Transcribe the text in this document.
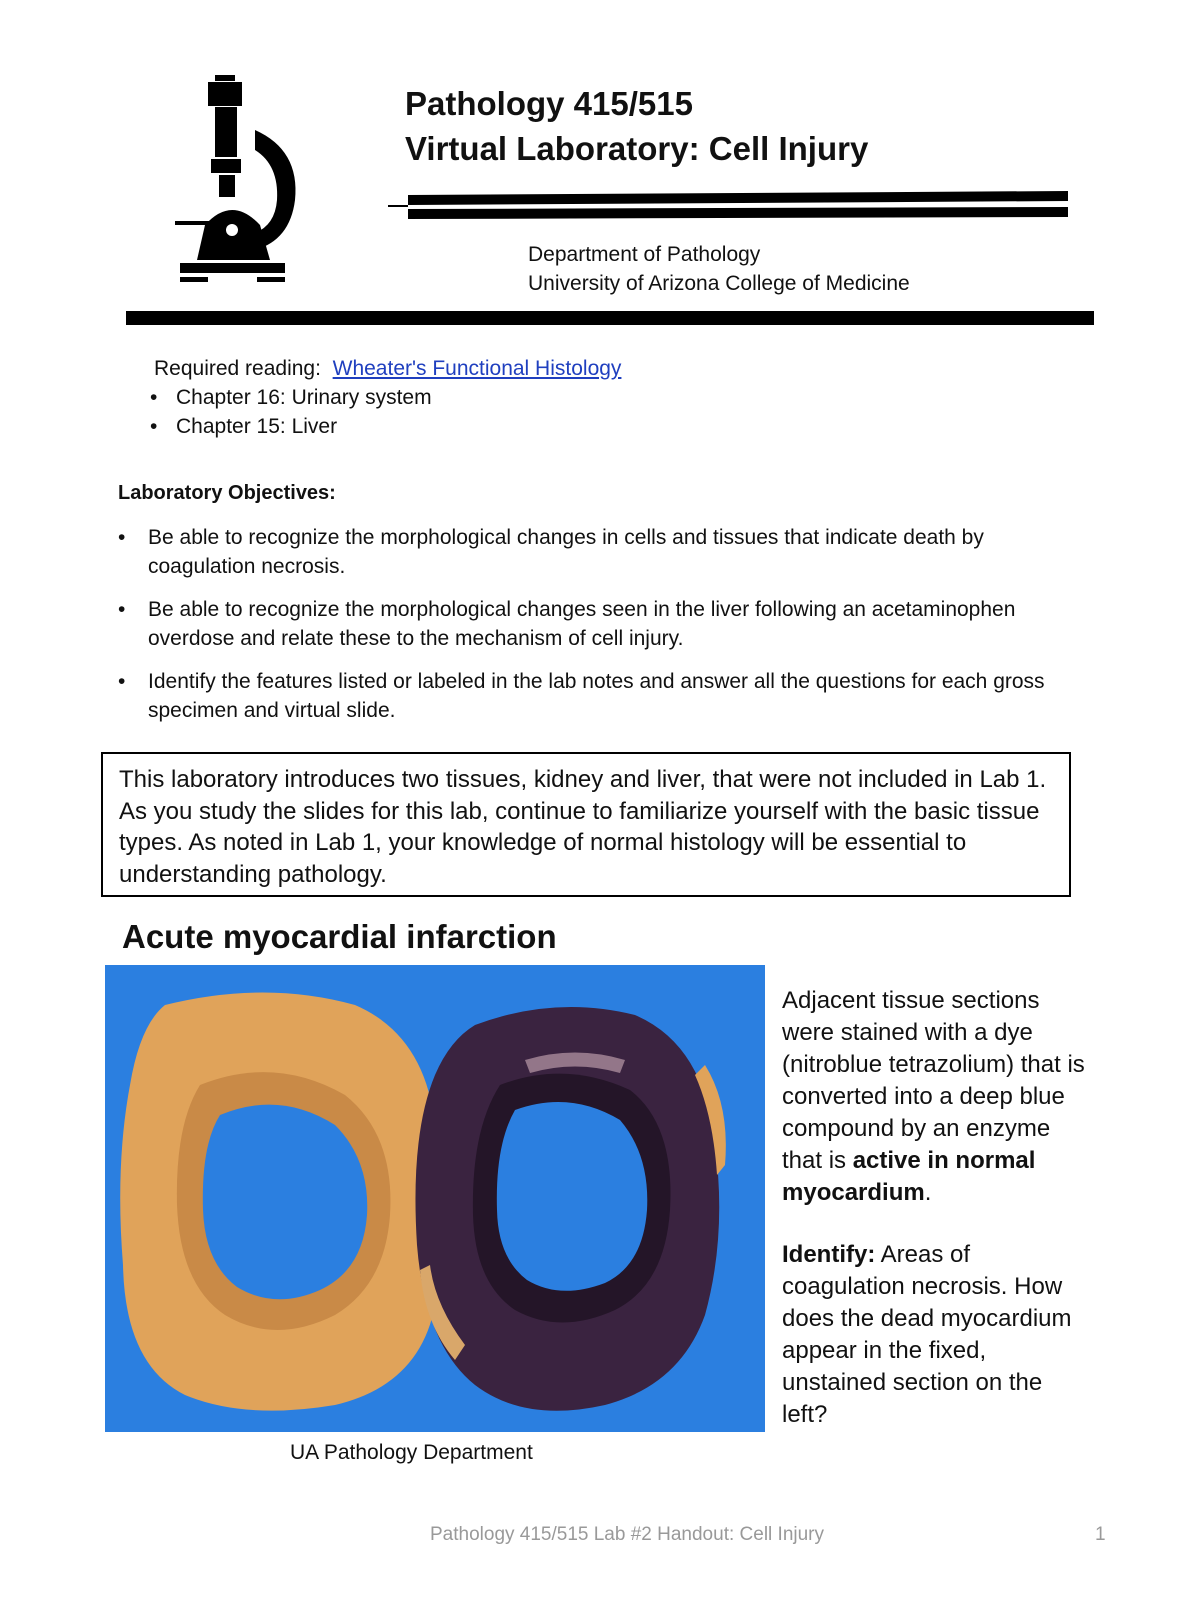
Pathology 415/515
Virtual Laboratory: Cell Injury
Department of Pathology
University of Arizona College of Medicine
Required reading: Wheater's Functional Histology
• Chapter 16: Urinary system
• Chapter 15: Liver
Laboratory Objectives:
•	Be able to recognize the morphological changes in cells and tissues that indicate death by coagulation necrosis.
•	Be able to recognize the morphological changes seen in the liver following an acetaminophen overdose and relate these to the mechanism of cell injury.
•	Identify the features listed or labeled in the lab notes and answer all the questions for each gross specimen and virtual slide.
This laboratory introduces two tissues, kidney and liver, that were not included in Lab 1. As you study the slides for this lab, continue to familiarize yourself with the basic tissue types. As noted in Lab 1, your knowledge of normal histology will be essential to understanding pathology.
Acute myocardial infarction
UA Pathology Department

Adjacent tissue sections were stained with a dye (nitroblue tetrazolium) that is converted into a deep blue compound by an enzyme that is active in normal myocardium.

Identify: Areas of coagulation necrosis. How does the dead myocardium appear in the fixed, unstained section on the left?

Pathology 415/515 Lab #2 Handout: Cell Injury	1
